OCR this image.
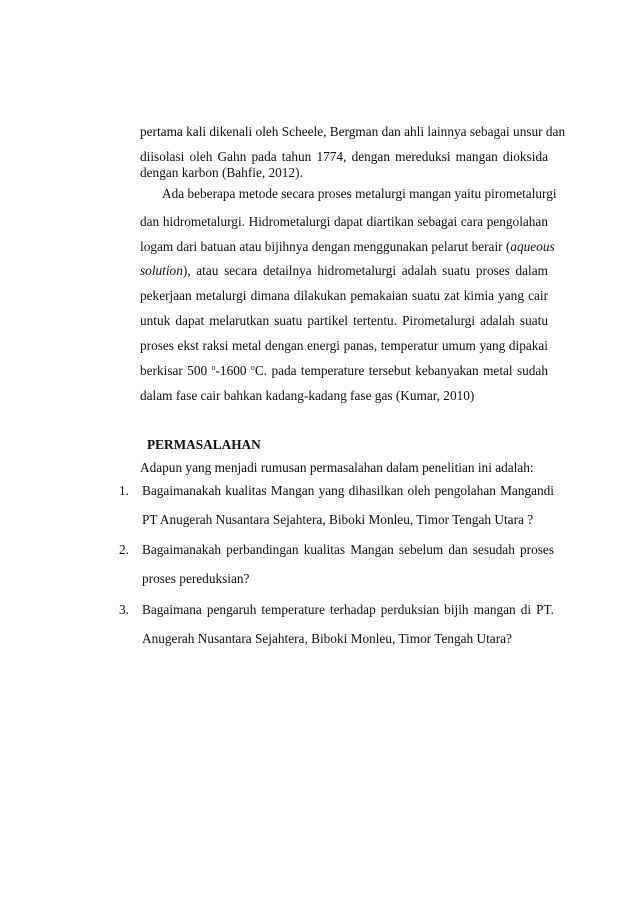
pertama kali dikenali oleh Scheele, Bergman dan ahli lainnya sebagai unsur dan
diisolasi oleh Gahn pada tahun 1774, dengan mereduksi mangan dioksida
dengan karbon (Bahfie, 2012).
Ada beberapa metode secara proses metalurgi mangan yaitu pirometalurgi
dan hidrometalurgi. Hidrometalurgi dapat diartikan sebagai cara pengolahan
logam dari batuan atau bijihnya dengan menggunakan pelarut berair (aqueous
solution), atau secara detailnya hidrometalurgi adalah suatu proses dalam
pekerjaan metalurgi dimana dilakukan pemakaian suatu zat kimia yang cair
untuk dapat melarutkan suatu partikel tertentu. Pirometalurgi adalah suatu
proses ekst raksi metal dengan energi panas, temperatur umum yang dipakai
berkisar 500 $^o$-1600 $^o$C. pada temperature tersebut kebanyakan metal sudah
dalam fase cair bahkan kadang-kadang fase gas (Kumar, 2010)
PERMASALAHAN
Adapun yang menjadi rumusan permasalahan dalam penelitian ini adalah:
1. Bagaimanakah kualitas Mangan yang dihasilkan oleh pengolahan Mangandi
PT Anugerah Nusantara Sejahtera, Biboki Monleu, Timor Tengah Utara ?
2. Bagaimanakah perbandingan kualitas Mangan sebelum dan sesudah proses
proses pereduksian?
3. Bagaimana pengaruh temperature terhadap perduksian bijih mangan di PT.
Anugerah Nusantara Sejahtera, Biboki Monleu, Timor Tengah Utara?
